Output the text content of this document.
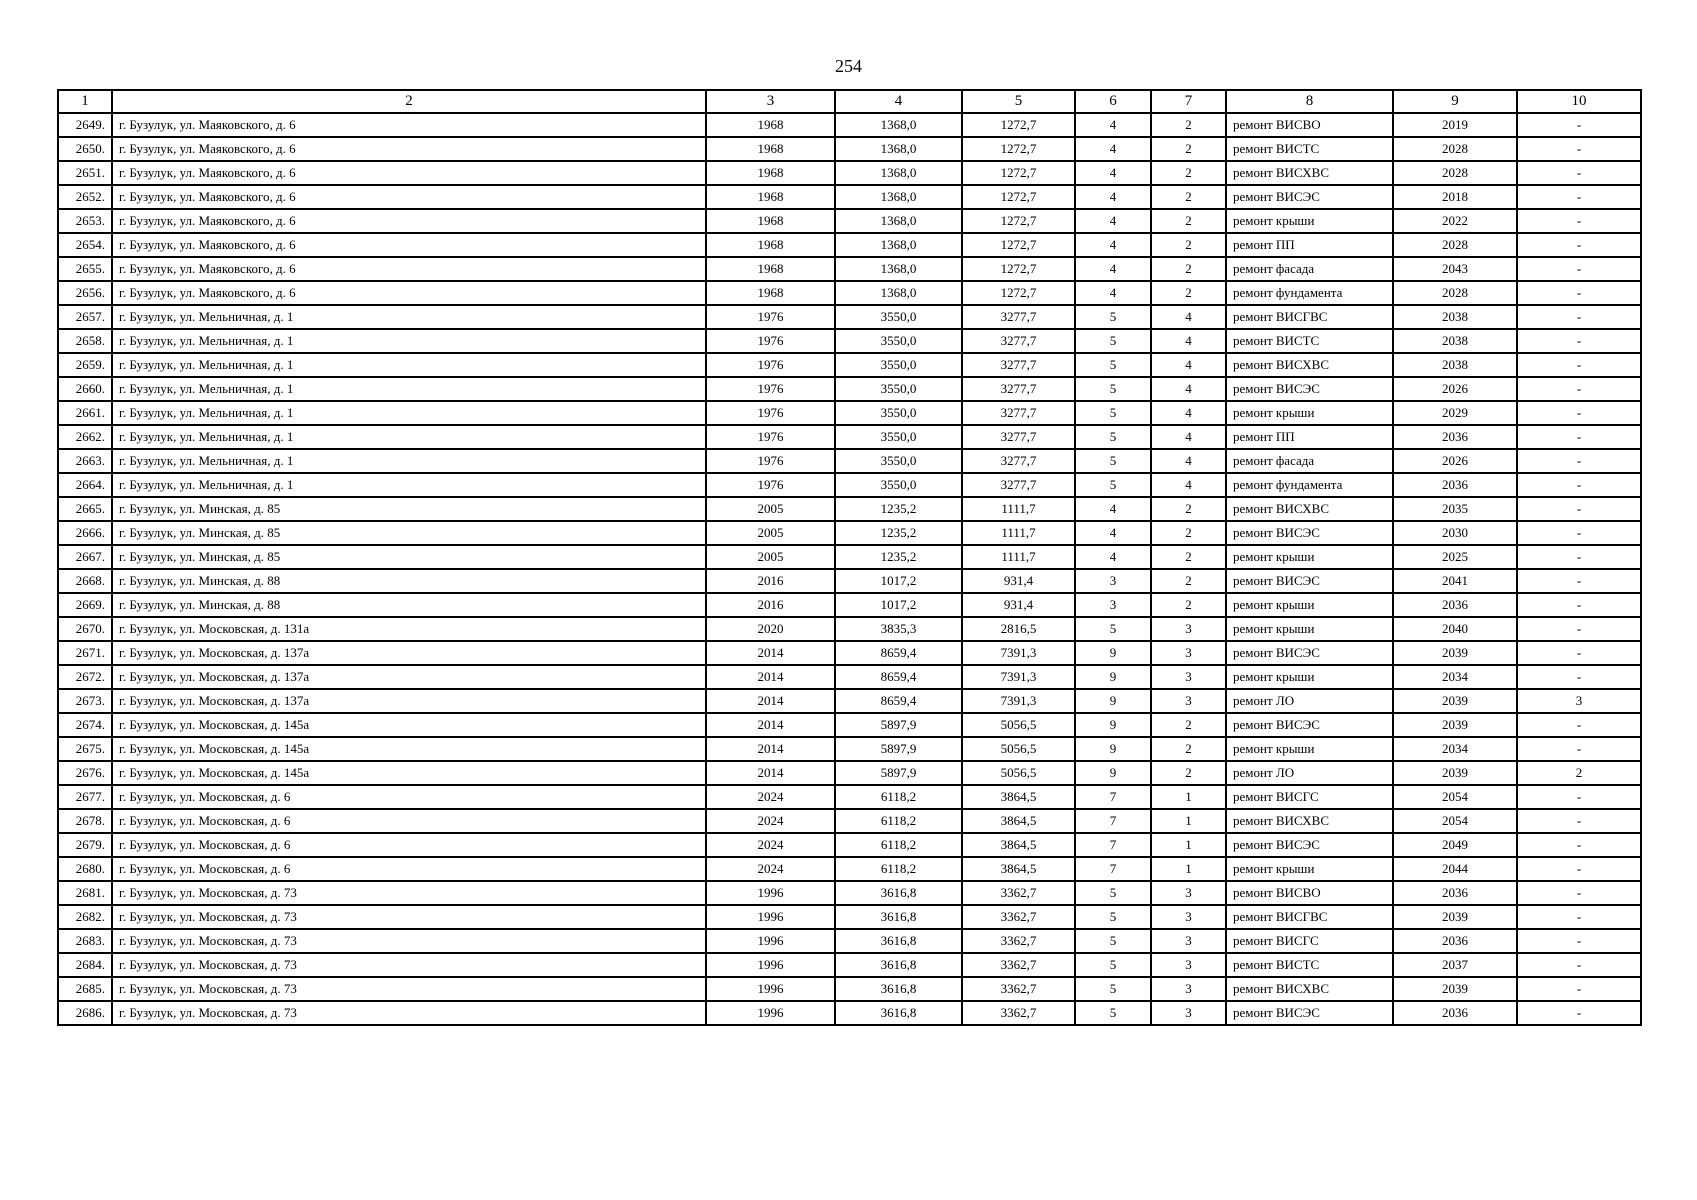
254
1	2	3	4	5	6	7	8	9	10
2649.	г. Бузулук, ул. Маяковского, д. 6	1968	1368,0	1272,7	4	2	ремонт ВИСВО	2019	-
2650.	г. Бузулук, ул. Маяковского, д. 6	1968	1368,0	1272,7	4	2	ремонт ВИСТС	2028	-
2651.	г. Бузулук, ул. Маяковского, д. 6	1968	1368,0	1272,7	4	2	ремонт ВИСХВС	2028	-
2652.	г. Бузулук, ул. Маяковского, д. 6	1968	1368,0	1272,7	4	2	ремонт ВИСЭС	2018	-
2653.	г. Бузулук, ул. Маяковского, д. 6	1968	1368,0	1272,7	4	2	ремонт крыши	2022	-
2654.	г. Бузулук, ул. Маяковского, д. 6	1968	1368,0	1272,7	4	2	ремонт ПП	2028	-
2655.	г. Бузулук, ул. Маяковского, д. 6	1968	1368,0	1272,7	4	2	ремонт фасада	2043	-
2656.	г. Бузулук, ул. Маяковского, д. 6	1968	1368,0	1272,7	4	2	ремонт фундамента	2028	-
2657.	г. Бузулук, ул. Мельничная, д. 1	1976	3550,0	3277,7	5	4	ремонт ВИСГВС	2038	-
2658.	г. Бузулук, ул. Мельничная, д. 1	1976	3550,0	3277,7	5	4	ремонт ВИСТС	2038	-
2659.	г. Бузулук, ул. Мельничная, д. 1	1976	3550,0	3277,7	5	4	ремонт ВИСХВС	2038	-
2660.	г. Бузулук, ул. Мельничная, д. 1	1976	3550,0	3277,7	5	4	ремонт ВИСЭС	2026	-
2661.	г. Бузулук, ул. Мельничная, д. 1	1976	3550,0	3277,7	5	4	ремонт крыши	2029	-
2662.	г. Бузулук, ул. Мельничная, д. 1	1976	3550,0	3277,7	5	4	ремонт ПП	2036	-
2663.	г. Бузулук, ул. Мельничная, д. 1	1976	3550,0	3277,7	5	4	ремонт фасада	2026	-
2664.	г. Бузулук, ул. Мельничная, д. 1	1976	3550,0	3277,7	5	4	ремонт фундамента	2036	-
2665.	г. Бузулук, ул. Минская, д. 85	2005	1235,2	1111,7	4	2	ремонт ВИСХВС	2035	-
2666.	г. Бузулук, ул. Минская, д. 85	2005	1235,2	1111,7	4	2	ремонт ВИСЭС	2030	-
2667.	г. Бузулук, ул. Минская, д. 85	2005	1235,2	1111,7	4	2	ремонт крыши	2025	-
2668.	г. Бузулук, ул. Минская, д. 88	2016	1017,2	931,4	3	2	ремонт ВИСЭС	2041	-
2669.	г. Бузулук, ул. Минская, д. 88	2016	1017,2	931,4	3	2	ремонт крыши	2036	-
2670.	г. Бузулук, ул. Московская, д. 131а	2020	3835,3	2816,5	5	3	ремонт крыши	2040	-
2671.	г. Бузулук, ул. Московская, д. 137а	2014	8659,4	7391,3	9	3	ремонт ВИСЭС	2039	-
2672.	г. Бузулук, ул. Московская, д. 137а	2014	8659,4	7391,3	9	3	ремонт крыши	2034	-
2673.	г. Бузулук, ул. Московская, д. 137а	2014	8659,4	7391,3	9	3	ремонт ЛО	2039	3
2674.	г. Бузулук, ул. Московская, д. 145а	2014	5897,9	5056,5	9	2	ремонт ВИСЭС	2039	-
2675.	г. Бузулук, ул. Московская, д. 145а	2014	5897,9	5056,5	9	2	ремонт крыши	2034	-
2676.	г. Бузулук, ул. Московская, д. 145а	2014	5897,9	5056,5	9	2	ремонт ЛО	2039	2
2677.	г. Бузулук, ул. Московская, д. 6	2024	6118,2	3864,5	7	1	ремонт ВИСГС	2054	-
2678.	г. Бузулук, ул. Московская, д. 6	2024	6118,2	3864,5	7	1	ремонт ВИСХВС	2054	-
2679.	г. Бузулук, ул. Московская, д. 6	2024	6118,2	3864,5	7	1	ремонт ВИСЭС	2049	-
2680.	г. Бузулук, ул. Московская, д. 6	2024	6118,2	3864,5	7	1	ремонт крыши	2044	-
2681.	г. Бузулук, ул. Московская, д. 73	1996	3616,8	3362,7	5	3	ремонт ВИСВО	2036	-
2682.	г. Бузулук, ул. Московская, д. 73	1996	3616,8	3362,7	5	3	ремонт ВИСГВС	2039	-
2683.	г. Бузулук, ул. Московская, д. 73	1996	3616,8	3362,7	5	3	ремонт ВИСГС	2036	-
2684.	г. Бузулук, ул. Московская, д. 73	1996	3616,8	3362,7	5	3	ремонт ВИСТС	2037	-
2685.	г. Бузулук, ул. Московская, д. 73	1996	3616,8	3362,7	5	3	ремонт ВИСХВС	2039	-
2686.	г. Бузулук, ул. Московская, д. 73	1996	3616,8	3362,7	5	3	ремонт ВИСЭС	2036	-
